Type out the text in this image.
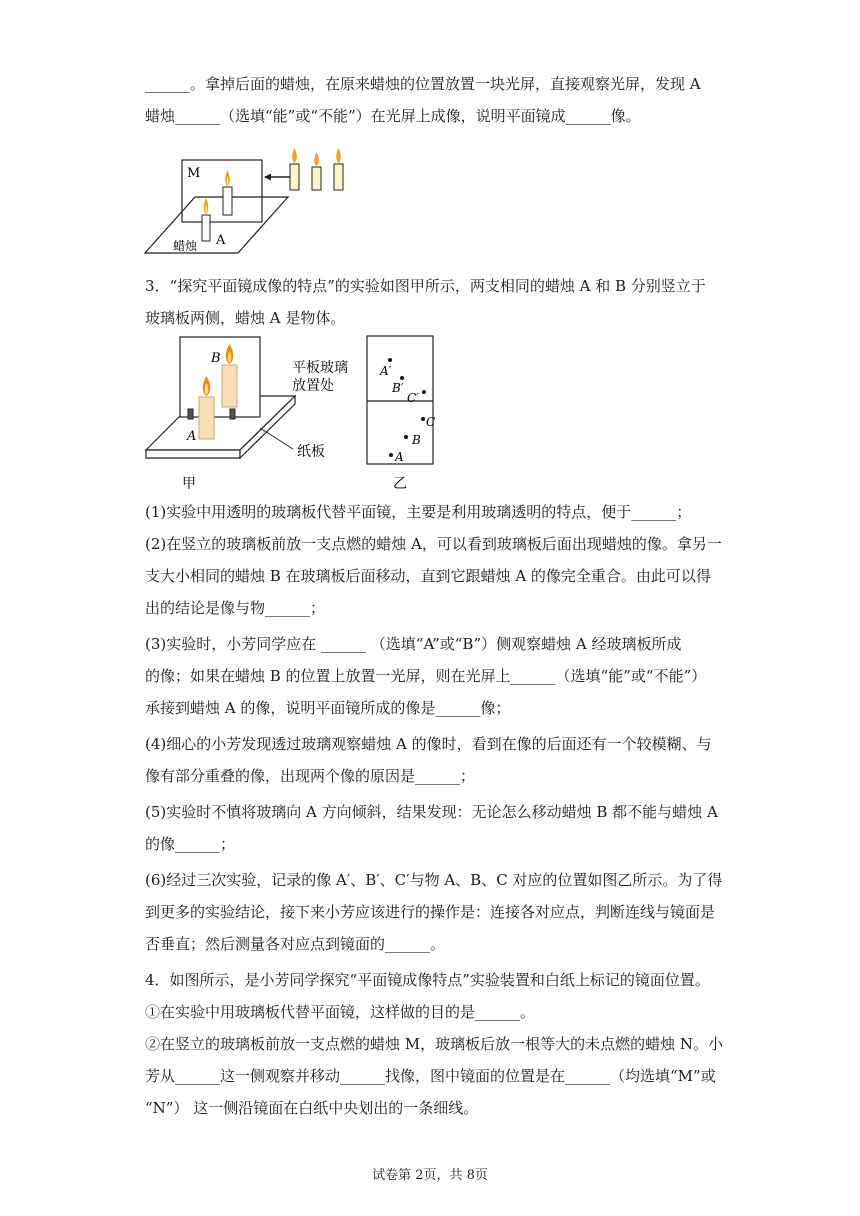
______。拿掉后面的蜡烛，在原来蜡烛的位置放置一块光屏，直接观察光屏，发现 A
蜡烛______（选填“能”或“不能”）在光屏上成像，说明平面镜成______像。
M
A
蜡烛
3．“探究平面镜成像的特点”的实验如图甲所示，两支相同的蜡烛 A 和 B 分别竖立于
玻璃板两侧，蜡烛 A 是物体。
B
A
纸板
平板玻璃
放置处
A′
B′
C′
C
B
A
甲	乙
(1)实验中用透明的玻璃板代替平面镜，主要是利用玻璃透明的特点，便于______；
(2)在竖立的玻璃板前放一支点燃的蜡烛 A，可以看到玻璃板后面出现蜡烛的像。拿另一
支大小相同的蜡烛 B 在玻璃板后面移动，直到它跟蜡烛 A 的像完全重合。由此可以得
出的结论是像与物______；
(3)实验时，小芳同学应在 ______ （选填“A”或“B”）侧观察蜡烛 A 经玻璃板所成
的像；如果在蜡烛 B 的位置上放置一光屏，则在光屏上______（选填“能”或“不能”）
承接到蜡烛 A 的像，说明平面镜所成的像是______像；
(4)细心的小芳发现透过玻璃观察蜡烛 A 的像时，看到在像的后面还有一个较模糊、与
像有部分重叠的像，出现两个像的原因是______；
(5)实验时不慎将玻璃向 A 方向倾斜，结果发现：无论怎么移动蜡烛 B 都不能与蜡烛 A
的像______；
(6)经过三次实验，记录的像 A′、B′、C′与物 A、B、C 对应的位置如图乙所示。为了得
到更多的实验结论，接下来小芳应该进行的操作是：连接各对应点，判断连线与镜面是
否垂直；然后测量各对应点到镜面的______。
4．如图所示，是小芳同学探究“平面镜成像特点”实验装置和白纸上标记的镜面位置。
①在实验中用玻璃板代替平面镜，这样做的目的是______。
②在竖立的玻璃板前放一支点燃的蜡烛 M，玻璃板后放一根等大的未点燃的蜡烛 N。小
芳从______这一侧观察并移动______找像，图中镜面的位置是在______（均选填“M”或
“N”） 这一侧沿镜面在白纸中央划出的一条细线。
试卷第 2页，共 8页
